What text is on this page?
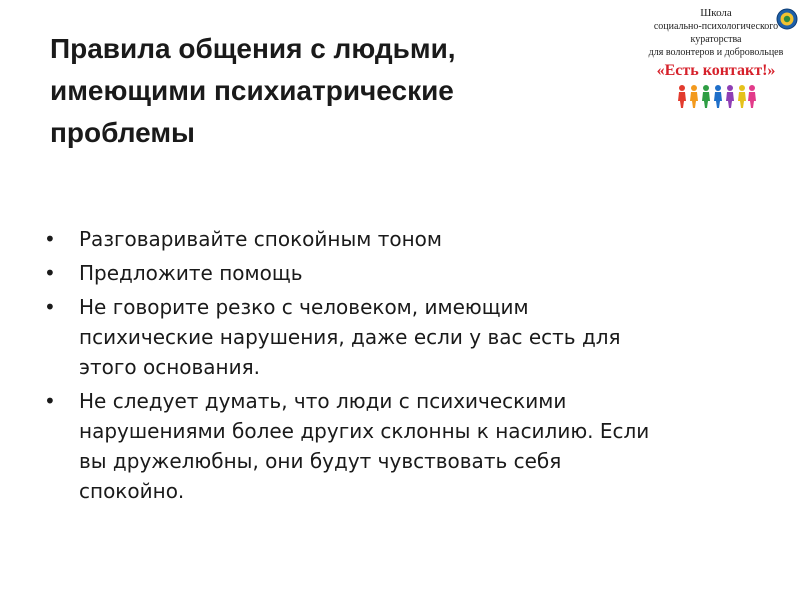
Правила общения с людьми,
имеющими психиатрические
проблемы
Школа
социально-психологического
кураторства
для волонтеров и добровольцев
«Есть контакт!»
•	Разговаривайте спокойным тоном
•	Предложите помощь
•	Не говорите резко с человеком, имеющим
психические нарушения, даже если у вас есть для
этого основания.
•	Не следует думать, что люди с психическими
нарушениями более других склонны к насилию. Если
вы дружелюбны, они будут чувствовать себя
спокойно.
